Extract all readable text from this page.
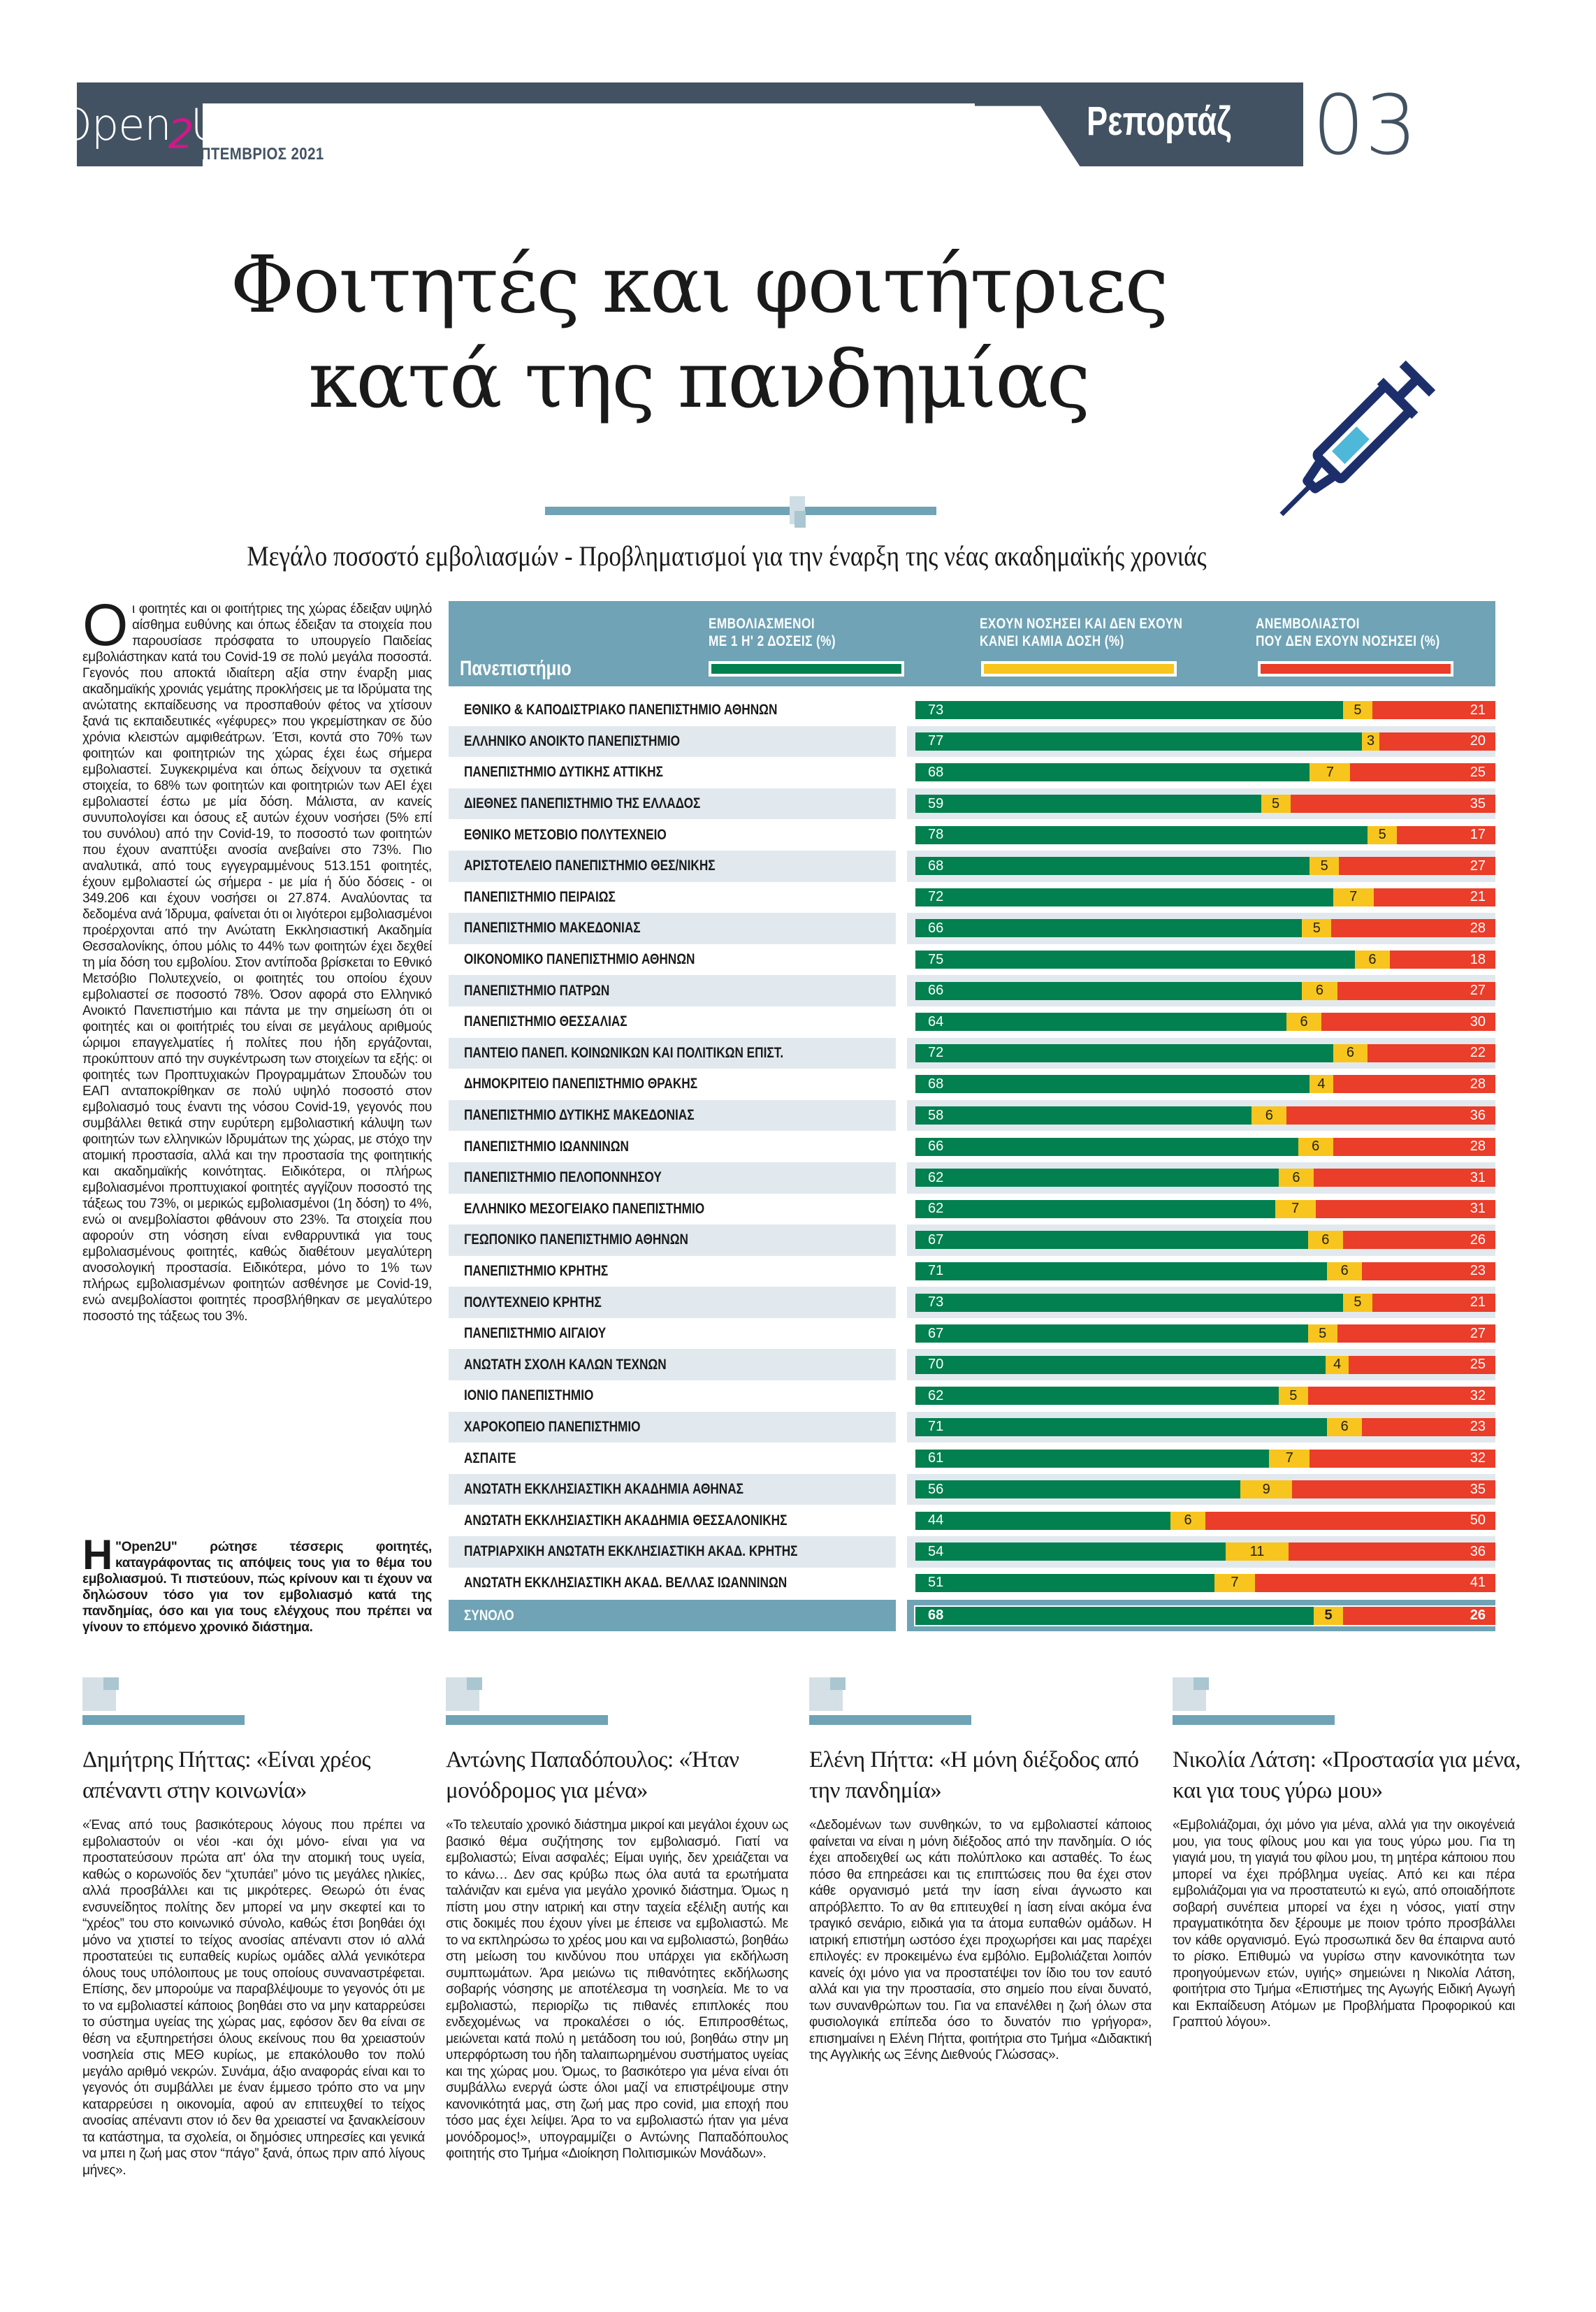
Open
2
U
ΣΕΠΤΕΜΒΡΙΟΣ 2021
Ρεπορτάζ 03
Φοιτητές και φοιτήτριες
κατά της πανδημίας
Μεγάλο ποσοστό εμβολιασμών - Προβληματισμοί για την έναρξη της νέας ακαδημαϊκής χρονιάς
Οι φοιτητές και οι φοιτήτριες της χώρας έδειξαν υψηλό αίσθημα ευθύνης και όπως έδειξαν τα στοιχεία που παρουσίασε πρόσφατα το υπουργείο Παιδείας εμβολιάστηκαν κατά του Covid-19 σε πολύ μεγάλα ποσοστά. Γεγονός που αποκτά ιδιαίτερη αξία στην έναρξη μιας ακαδημαϊκής χρονιάς γεμάτης προκλήσεις με τα Ιδρύματα της ανώτατης εκπαίδευσης να προσπαθούν φέτος να χτίσουν ξανά τις εκπαιδευτικές «γέφυρες» που γκρεμίστηκαν σε δύο χρόνια κλειστών αμφιθεάτρων. Έτσι, κοντά στο 70% των φοιτητών και φοιτητριών της χώρας έχει έως σήμερα εμβολιαστεί. Συγκεκριμένα και όπως δείχνουν τα σχετικά στοιχεία, το 68% των φοιτητών και φοιτητριών των ΑΕΙ έχει εμβολιαστεί έστω με μία δόση. Μάλιστα, αν κανείς συνυπολογίσει και όσους εξ αυτών έχουν νοσήσει (5% επί του συνόλου) από την Covid-19, το ποσοστό των φοιτητών που έχουν αναπτύξει ανοσία ανεβαίνει στο 73%. Πιο αναλυτικά, από τους εγγεγραμμένους 513.151 φοιτητές, έχουν εμβολιαστεί ώς σήμερα - με μία ή δύο δόσεις - οι 349.206 και έχουν νοσήσει οι 27.874. Αναλύοντας τα δεδομένα ανά Ίδρυμα, φαίνεται ότι οι λιγότεροι εμβολιασμένοι προέρχονται από την Ανώτατη Εκκλησιαστική Ακαδημία Θεσσαλονίκης, όπου μόλις το 44% των φοιτητών έχει δεχθεί τη μία δόση του εμβολίου. Στον αντίποδα βρίσκεται το Εθνικό Μετσόβιο Πολυτεχνείο, οι φοιτητές του οποίου έχουν εμβολιαστεί σε ποσοστό 78%. Όσον αφορά στο Ελληνικό Ανοικτό Πανεπιστήμιο και πάντα με την σημείωση ότι οι φοιτητές και οι φοιτήτριές του είναι σε μεγάλους αριθμούς ώριμοι επαγγελματίες ή πολίτες που ήδη εργάζονται, προκύπτουν από την συγκέντρωση των στοιχείων τα εξής: οι φοιτητές των Προπτυχιακών Προγραμμάτων Σπουδών του ΕΑΠ ανταποκρίθηκαν σε πολύ υψηλό ποσοστό στον εμβολιασμό τους έναντι της νόσου Covid-19, γεγονός που συμβάλλει θετικά στην ευρύτερη εμβολιαστική κάλυψη των φοιτητών των ελληνικών Ιδρυμάτων της χώρας, με στόχο την ατομική προστασία, αλλά και την προστασία της φοιτητικής και ακαδημαϊκής κοινότητας. Ειδικότερα, οι πλήρως εμβολιασμένοι προπτυχιακοί φοιτητές αγγίζουν ποσοστό της τάξεως του 73%, οι μερικώς εμβολιασμένοι (1η δόση) το 4%, ενώ οι ανεμβολίαστοι φθάνουν στο 23%. Τα στοιχεία που αφορούν στη νόσηση είναι ενθαρρυντικά για τους εμβολιασμένους φοιτητές, καθώς διαθέτουν μεγαλύτερη ανοσολογική προστασία. Ειδικότερα, μόνο το 1% των πλήρως εμβολιασμένων φοιτητών ασθένησε με Covid-19, ενώ ανεμβολίαστοι φοιτητές προσβλήθηκαν σε μεγαλύτερο ποσοστό της τάξεως του 3%.
Η "Open2U" ρώτησε τέσσερις φοιτητές, καταγράφοντας τις απόψεις τους για το θέμα του εμβολιασμού. Τι πιστεύουν, πώς κρίνουν και τι έχουν να δηλώσουν τόσο για τον εμβολιασμό κατά της πανδημίας, όσο και για τους ελέγχους που πρέπει να γίνουν το επόμενο χρονικό διάστημα.
Πανεπιστήμιο
ΕΜΒΟΛΙΑΣΜΕΝΟΙ
ΜΕ 1 Η' 2 ΔΟΣΕΙΣ (%)
ΕΧΟΥΝ ΝΟΣΗΣΕΙ ΚΑΙ ΔΕΝ ΕΧΟΥΝ
ΚΑΝΕΙ ΚΑΜΙΑ ΔΟΣΗ (%)
ΑΝΕΜΒΟΛΙΑΣΤΟΙ
ΠΟΥ ΔΕΝ ΕΧΟΥΝ ΝΟΣΗΣΕΙ (%)
ΕΘΝΙΚΟ & ΚΑΠΟΔΙΣΤΡΙΑΚΟ ΠΑΝΕΠΙΣΤΗΜΙΟ ΑΘΗΝΩΝ	73	5	21
ΕΛΛΗΝΙΚΟ ΑΝΟΙΚΤΟ ΠΑΝΕΠΙΣΤΗΜΙΟ	77	3	20
ΠΑΝΕΠΙΣΤΗΜΙΟ ΔΥΤΙΚΗΣ ΑΤΤΙΚΗΣ	68	7	25
ΔΙΕΘΝΕΣ ΠΑΝΕΠΙΣΤΗΜΙΟ ΤΗΣ ΕΛΛΑΔΟΣ	59	5	35
ΕΘΝΙΚΟ ΜΕΤΣΟΒΙΟ ΠΟΛΥΤΕΧΝΕΙΟ	78	5	17
ΑΡΙΣΤΟΤΕΛΕΙΟ ΠΑΝΕΠΙΣΤΗΜΙΟ ΘΕΣ/ΝΙΚΗΣ	68	5	27
ΠΑΝΕΠΙΣΤΗΜΙΟ ΠΕΙΡΑΙΩΣ	72	7	21
ΠΑΝΕΠΙΣΤΗΜΙΟ ΜΑΚΕΔΟΝΙΑΣ	66	5	28
ΟΙΚΟΝΟΜΙΚΟ ΠΑΝΕΠΙΣΤΗΜΙΟ ΑΘΗΝΩΝ	75	6	18
ΠΑΝΕΠΙΣΤΗΜΙΟ ΠΑΤΡΩΝ	66	6	27
ΠΑΝΕΠΙΣΤΗΜΙΟ ΘΕΣΣΑΛΙΑΣ	64	6	30
ΠΑΝΤΕΙΟ ΠΑΝΕΠ. ΚΟΙΝΩΝΙΚΩΝ ΚΑΙ ΠΟΛΙΤΙΚΩΝ ΕΠΙΣΤ.	72	6	22
ΔΗΜΟΚΡΙΤΕΙΟ ΠΑΝΕΠΙΣΤΗΜΙΟ ΘΡΑΚΗΣ	68	4	28
ΠΑΝΕΠΙΣΤΗΜΙΟ ΔΥΤΙΚΗΣ ΜΑΚΕΔΟΝΙΑΣ	58	6	36
ΠΑΝΕΠΙΣΤΗΜΙΟ ΙΩΑΝΝΙΝΩΝ	66	6	28
ΠΑΝΕΠΙΣΤΗΜΙΟ ΠΕΛΟΠΟΝΝΗΣΟΥ	62	6	31
ΕΛΛΗΝΙΚΟ ΜΕΣΟΓΕΙΑΚΟ ΠΑΝΕΠΙΣΤΗΜΙΟ	62	7	31
ΓΕΩΠΟΝΙΚΟ ΠΑΝΕΠΙΣΤΗΜΙΟ ΑΘΗΝΩΝ	67	6	26
ΠΑΝΕΠΙΣΤΗΜΙΟ ΚΡΗΤΗΣ	71	6	23
ΠΟΛΥΤΕΧΝΕΙΟ ΚΡΗΤΗΣ	73	5	21
ΠΑΝΕΠΙΣΤΗΜΙΟ ΑΙΓΑΙΟΥ	67	5	27
ΑΝΩΤΑΤΗ ΣΧΟΛΗ ΚΑΛΩΝ ΤΕΧΝΩΝ	70	4	25
ΙΟΝΙΟ ΠΑΝΕΠΙΣΤΗΜΙΟ	62	5	32
ΧΑΡΟΚΟΠΕΙΟ ΠΑΝΕΠΙΣΤΗΜΙΟ	71	6	23
ΑΣΠΑΙΤΕ	61	7	32
ΑΝΩΤΑΤΗ ΕΚΚΛΗΣΙΑΣΤΙΚΗ ΑΚΑΔΗΜΙΑ ΑΘΗΝΑΣ	56	9	35
ΑΝΩΤΑΤΗ ΕΚΚΛΗΣΙΑΣΤΙΚΗ ΑΚΑΔΗΜΙΑ ΘΕΣΣΑΛΟΝΙΚΗΣ	44	6	50
ΠΑΤΡΙΑΡΧΙΚΗ ΑΝΩΤΑΤΗ ΕΚΚΛΗΣΙΑΣΤΙΚΗ ΑΚΑΔ. ΚΡΗΤΗΣ	54	11	36
ΑΝΩΤΑΤΗ ΕΚΚΛΗΣΙΑΣΤΙΚΗ ΑΚΑΔ. ΒΕΛΛΑΣ ΙΩΑΝΝΙΝΩΝ	51	7	41
ΣΥΝΟΛΟ	68	5	26
Δημήτρης Πήττας: «Είναι χρέος απέναντι στην κοινωνία»

«Ένας από τους βασικότερους λόγους που πρέπει να εμβολιαστούν οι νέοι -και όχι μόνο- είναι για να προστατεύσουν πρώτα απ' όλα την ατομική τους υγεία, καθώς ο κορωνοϊός δεν “χτυπάει” μόνο τις μεγάλες ηλικίες, αλλά προσβάλλει και τις μικρότερες. Θεωρώ ότι ένας ενσυνείδητος πολίτης δεν μπορεί να μην σκεφτεί και το “χρέος” του στο κοινωνικό σύνολο, καθώς έτσι βοηθάει όχι μόνο να χτιστεί το τείχος ανοσίας απέναντι στον ιό αλλά προστατεύει τις ευπαθείς κυρίως ομάδες αλλά γενικότερα όλους τους υπόλοιπους με τους οποίους συναναστρέφεται. Επίσης, δεν μπορούμε να παραβλέψουμε το γεγονός ότι με το να εμβολιαστεί κάποιος βοηθάει στο να μην καταρρεύσει το σύστημα υγείας της χώρας μας, εφόσον δεν θα είναι σε θέση να εξυπηρετήσει όλους εκείνους που θα χρειαστούν νοσηλεία στις ΜΕΘ κυρίως, με επακόλουθο τον πολύ μεγάλο αριθμό νεκρών. Συνάμα, άξιο αναφοράς είναι και το γεγονός ότι συμβάλλει με έναν έμμεσο τρόπο στο να μην καταρρεύσει η οικονομία, αφού αν επιτευχθεί το τείχος ανοσίας απέναντι στον ιό δεν θα χρειαστεί να ξανακλείσουν τα κατάστημα, τα σχολεία, οι δημόσιες υπηρεσίες και γενικά να μπει η ζωή μας στον “πάγο” ξανά, όπως πριν από λίγους μήνες».

Αντώνης Παπαδόπουλος: «Ήταν μονόδρομος για μένα»

«Το τελευταίο χρονικό διάστημα μικροί και μεγάλοι έχουν ως βασικό θέμα συζήτησης τον εμβολιασμό. Γιατί να εμβολιαστώ; Είναι ασφαλές; Είμαι υγιής, δεν χρειάζεται να το κάνω… Δεν σας κρύβω πως όλα αυτά τα ερωτήματα ταλάνιζαν και εμένα για μεγάλο χρονικό διάστημα. Όμως η πίστη μου στην ιατρική και στην ταχεία εξέλιξη αυτής και στις δοκιμές που έχουν γίνει με έπεισε να εμβολιαστώ. Με το να εκπληρώσω το χρέος μου και να εμβολιαστώ, βοηθάω στη μείωση του κινδύνου που υπάρχει για εκδήλωση συμπτωμάτων. Άρα μειώνω τις πιθανότητες εκδήλωσης σοβαρής νόσησης με αποτέλεσμα τη νοσηλεία. Με το να εμβολιαστώ, περιορίζω τις πιθανές επιπλοκές που ενδεχομένως να προκαλέσει ο ιός. Επιπροσθέτως, μειώνεται κατά πολύ η μετάδοση του ιού, βοηθάω στην μη υπερφόρτωση του ήδη ταλαιπωρημένου συστήματος υγείας και της χώρας μου. Όμως, το βασικότερο για μένα είναι ότι συμβάλλω ενεργά ώστε όλοι μαζί να επιστρέψουμε στην κανονικότητά μας, στη ζωή μας προ covid, μια εποχή που τόσο μας έχει λείψει. Άρα το να εμβολιαστώ ήταν για μένα μονόδρομος!», υπογραμμίζει ο Αντώνης Παπαδόπουλος φοιτητής στο Τμήμα «Διοίκηση Πολιτισμικών Μονάδων».

Ελένη Πήττα: «Η μόνη διέξοδος από την πανδημία»

«Δεδομένων των συνθηκών, το να εμβολιαστεί κάποιος φαίνεται να είναι η μόνη διέξοδος από την πανδημία. Ο ιός έχει αποδειχθεί ως κάτι πολύπλοκο και ασταθές. Το έως πόσο θα επηρεάσει και τις επιπτώσεις που θα έχει στον κάθε οργανισμό μετά την ίαση είναι άγνωστο και απρόβλεπτο. Το αν θα επιτευχθεί η ίαση είναι ακόμα ένα τραγικό σενάριο, ειδικά για τα άτομα ευπαθών ομάδων. Η ιατρική επιστήμη ωστόσο έχει προχωρήσει και μας παρέχει επιλογές: εν προκειμένω ένα εμβόλιο. Εμβολιάζεται λοιπόν κανείς όχι μόνο για να προστατέψει τον ίδιο του τον εαυτό αλλά και για την προστασία, στο σημείο που είναι δυνατό, των συνανθρώπων του. Για να επανέλθει η ζωή όλων στα φυσιολογικά επίπεδα όσο το δυνατόν πιο γρήγορα», επισημαίνει η Ελένη Πήττα, φοιτήτρια στο Τμήμα «Διδακτική της Αγγλικής ως Ξένης Διεθνούς Γλώσσας».

Νικολία Λάτση: «Προστασία για μένα, και για τους γύρω μου»

«Εμβολιάζομαι, όχι μόνο για μένα, αλλά για την οικογένειά μου, για τους φίλους μου και για τους γύρω μου. Για τη γιαγιά μου, τη γιαγιά του φίλου μου, τη μητέρα κάποιου που μπορεί να έχει πρόβλημα υγείας. Από κει και πέρα εμβολιάζομαι για να προστατευτώ κι εγώ, από οποιαδήποτε σοβαρή συνέπεια μπορεί να έχει η νόσος, γιατί στην πραγματικότητα δεν ξέρουμε με ποιον τρόπο προσβάλλει τον κάθε οργανισμό. Εγώ προσωπικά δεν θα έπαιρνα αυτό το ρίσκο. Επιθυμώ να γυρίσω στην κανονικότητα των προηγούμενων ετών, υγιής» σημειώνει η Νικολία Λάτση, φοιτήτρια στο Τμήμα «Επιστήμες της Αγωγής Ειδική Αγωγή και Εκπαίδευση Ατόμων με Προβλήματα Προφορικού και Γραπτού λόγου».
